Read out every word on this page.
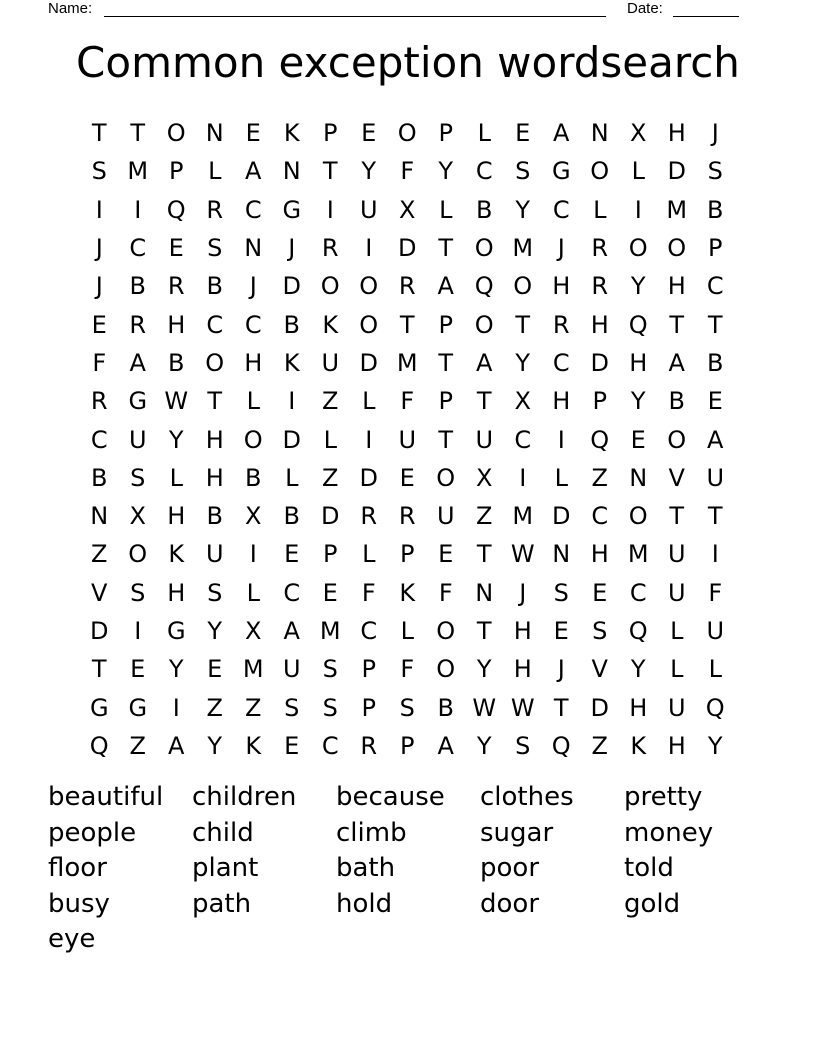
Name:	Date:
Common exception wordsearch
T T O N E K P E O P	L	E A N X H	J
S M P	L A N T Y	F	Y C S G O L D S
I	I	Q R C G	I	U X L B Y C L	I	M B
J	C E S N	J	R	I	D T O M	J	R O O P
J	B R B	J	D O O R A Q O H R Y H C
E R H C C B K O T P O T R H Q T T
F A B O H K U D M T A Y C D H A B
R G W T	L	I	Z L	F	P T X H P Y B E
C U Y H O D L	I	U T U C	I	Q E O A
B S	L H B L Z D E O X	I	L Z N V U
N X H B X B D R R U Z M D C O T T
Z O K U	I	E P	L	P E T W N H M U	I
V S H S	L C E	F K F N	J	S E C U F
D	I	G Y X A M C L O T H E S Q L U
T E Y E M U S P	F O Y H	J	V Y	L	L
G G	I	Z Z S S P S B W W T D H U Q
Q Z A Y K E C R P A Y S Q Z K H Y
beautiful	children	because	clothes	pretty
people	child	climb	sugar	money
floor	plant	bath	poor	told
busy	path	hold	door	gold
eye
